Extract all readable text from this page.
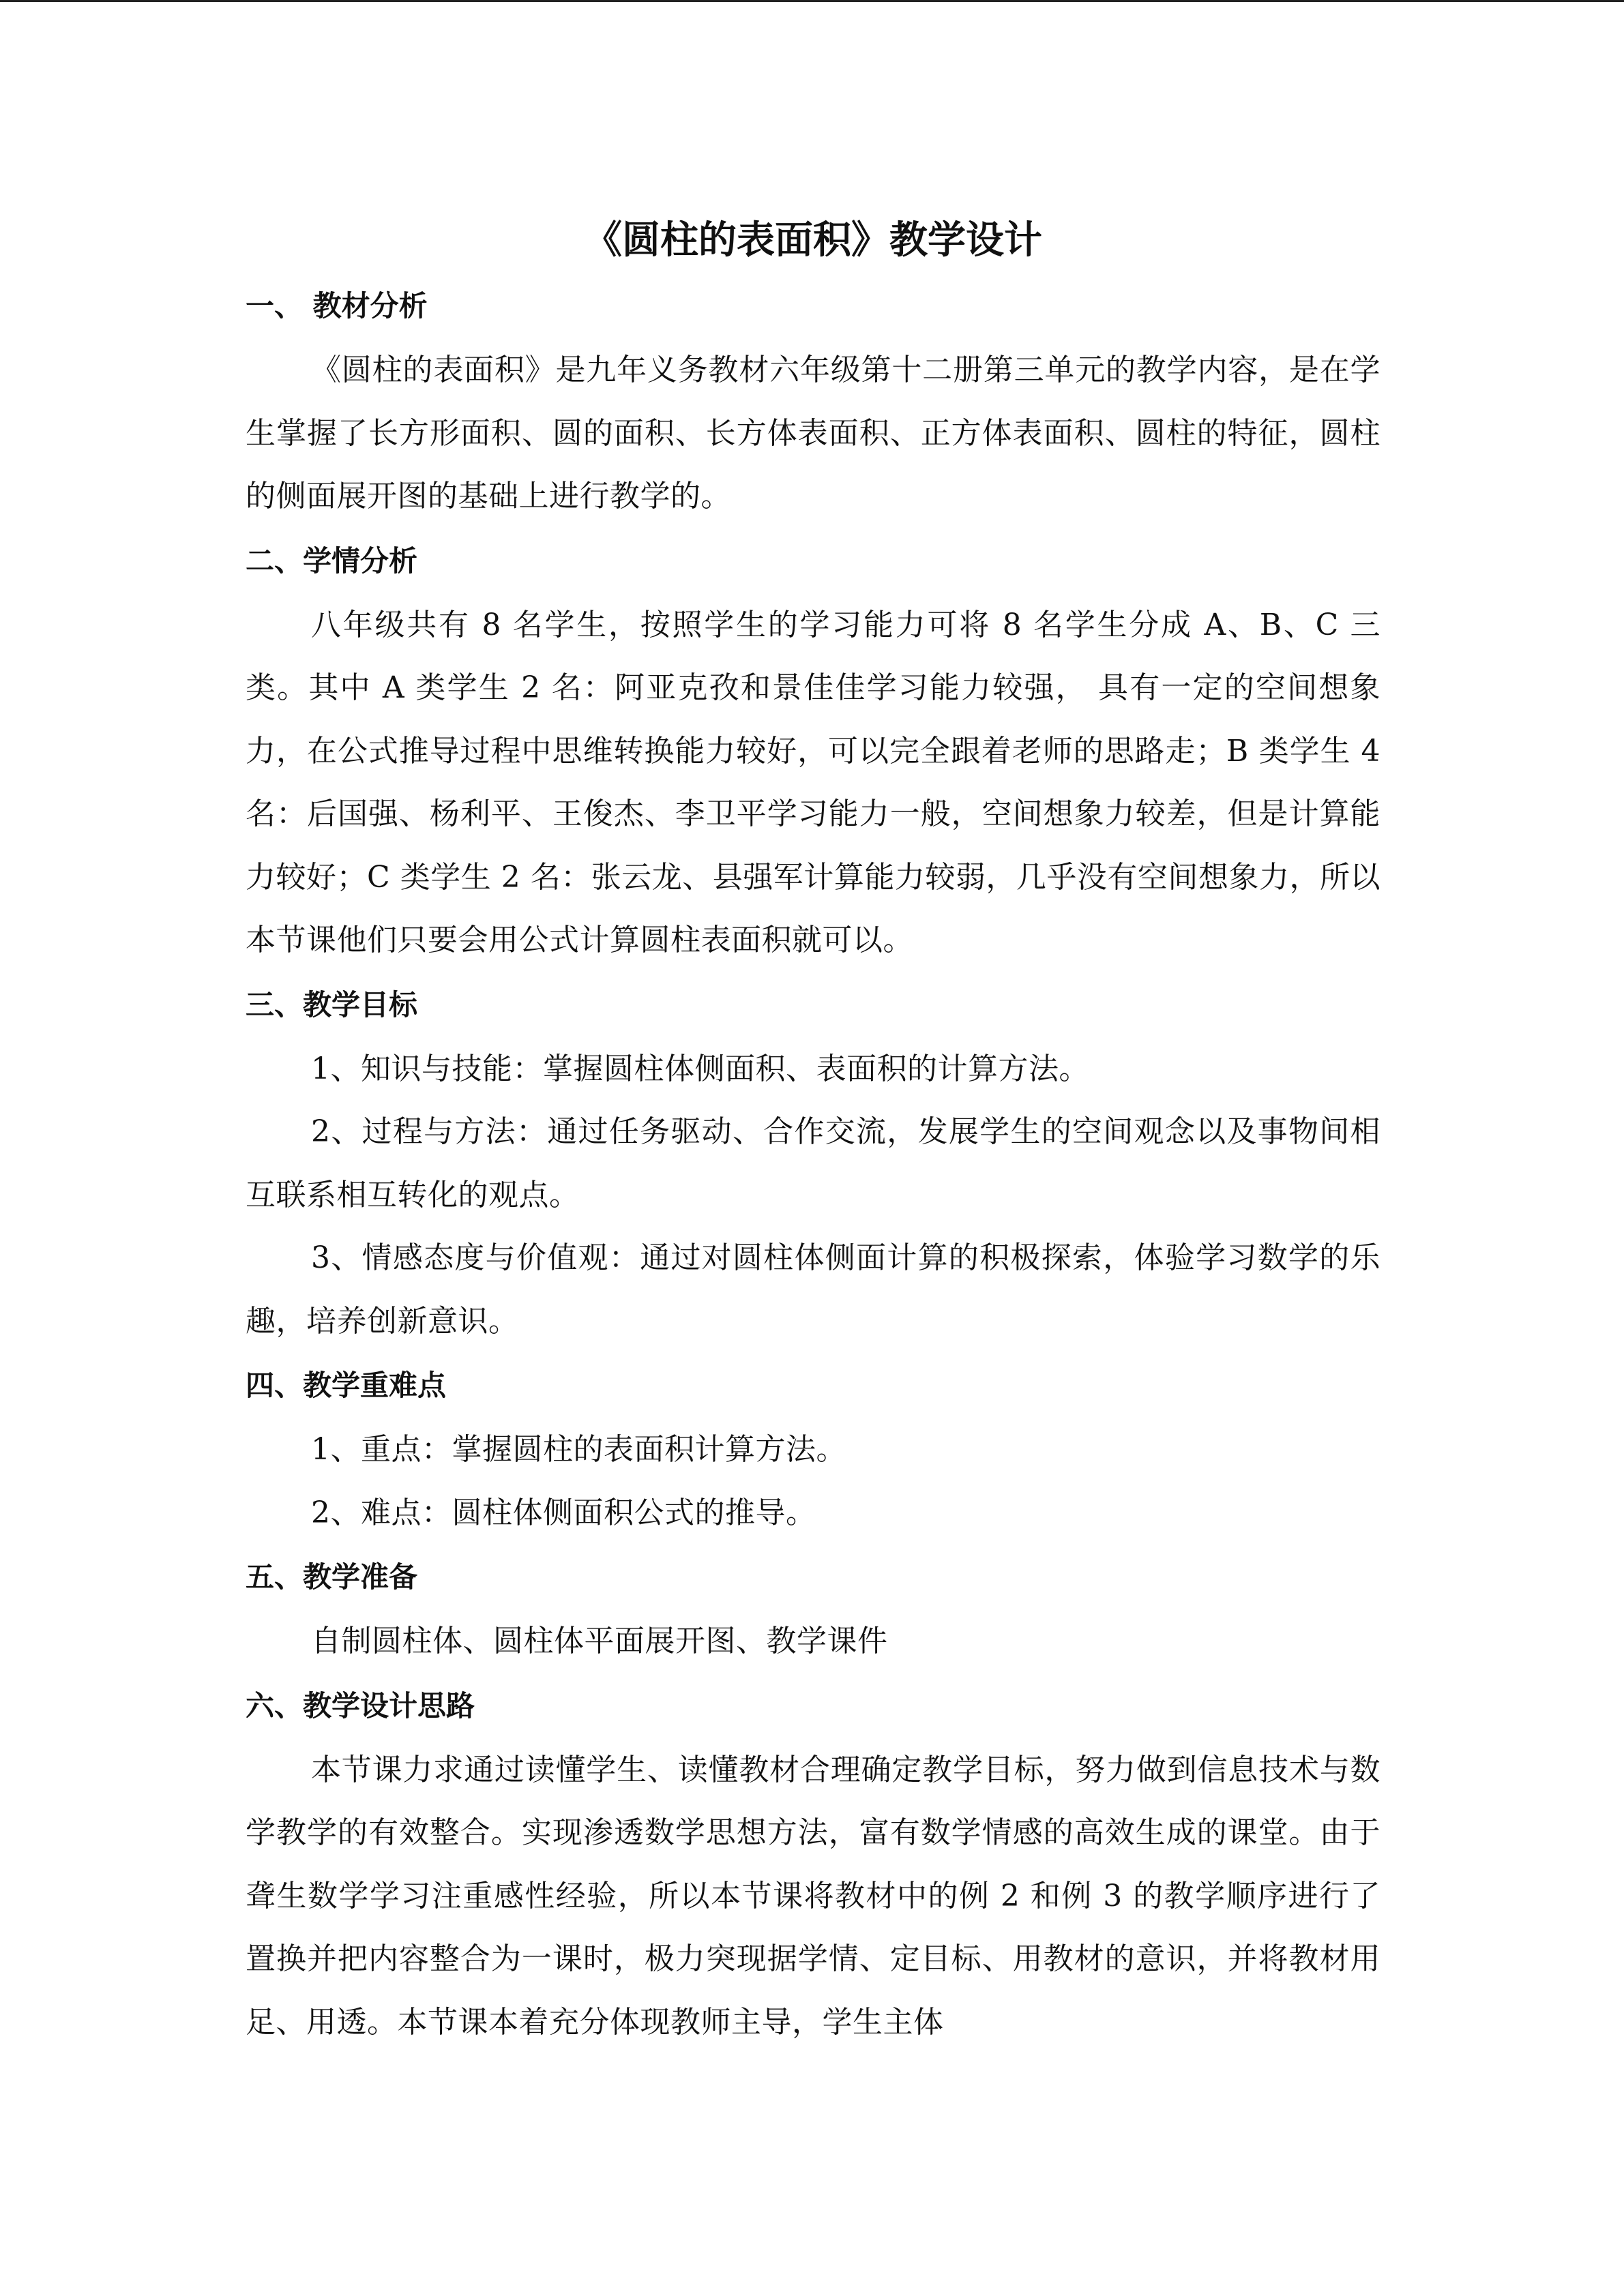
《圆柱的表面积》教学设计
一、 教材分析

《圆柱的表面积》是九年义务教材六年级第十二册第三单元的教学内容，是在学生掌握了长方形面积、圆的面积、长方体表面积、正方体表面积、圆柱的特征，圆柱的侧面展开图的基础上进行教学的。

二、学情分析

八年级共有 8 名学生，按照学生的学习能力可将 8 名学生分成 A、B、C 三类。其中 A 类学生 2 名：阿亚克孜和景佳佳学习能力较强， 具有一定的空间想象力，在公式推导过程中思维转换能力较好，可以完全跟着老师的思路走；B 类学生 4 名：后国强、杨利平、王俊杰、李卫平学习能力一般，空间想象力较差，但是计算能力较好；C 类学生 2 名：张云龙、县强军计算能力较弱，几乎没有空间想象力，所以本节课他们只要会用公式计算圆柱表面积就可以。

三、教学目标

1、知识与技能：掌握圆柱体侧面积、表面积的计算方法。

2、过程与方法：通过任务驱动、合作交流，发展学生的空间观念以及事物间相互联系相互转化的观点。

3、情感态度与价值观：通过对圆柱体侧面计算的积极探索，体验学习数学的乐趣，培养创新意识。

四、教学重难点

1、重点：掌握圆柱的表面积计算方法。

2、难点：圆柱体侧面积公式的推导。

五、教学准备

自制圆柱体、圆柱体平面展开图、教学课件

六、教学设计思路

本节课力求通过读懂学生、读懂教材合理确定教学目标，努力做到信息技术与数学教学的有效整合。实现渗透数学思想方法，富有数学情感的高效生成的课堂。由于聋生数学学习注重感性经验，所以本节课将教材中的例 2 和例 3 的教学顺序进行了置换并把内容整合为一课时，极力突现据学情、定目标、用教材的意识，并将教材用足、用透。本节课本着充分体现教师主导，学生主体
